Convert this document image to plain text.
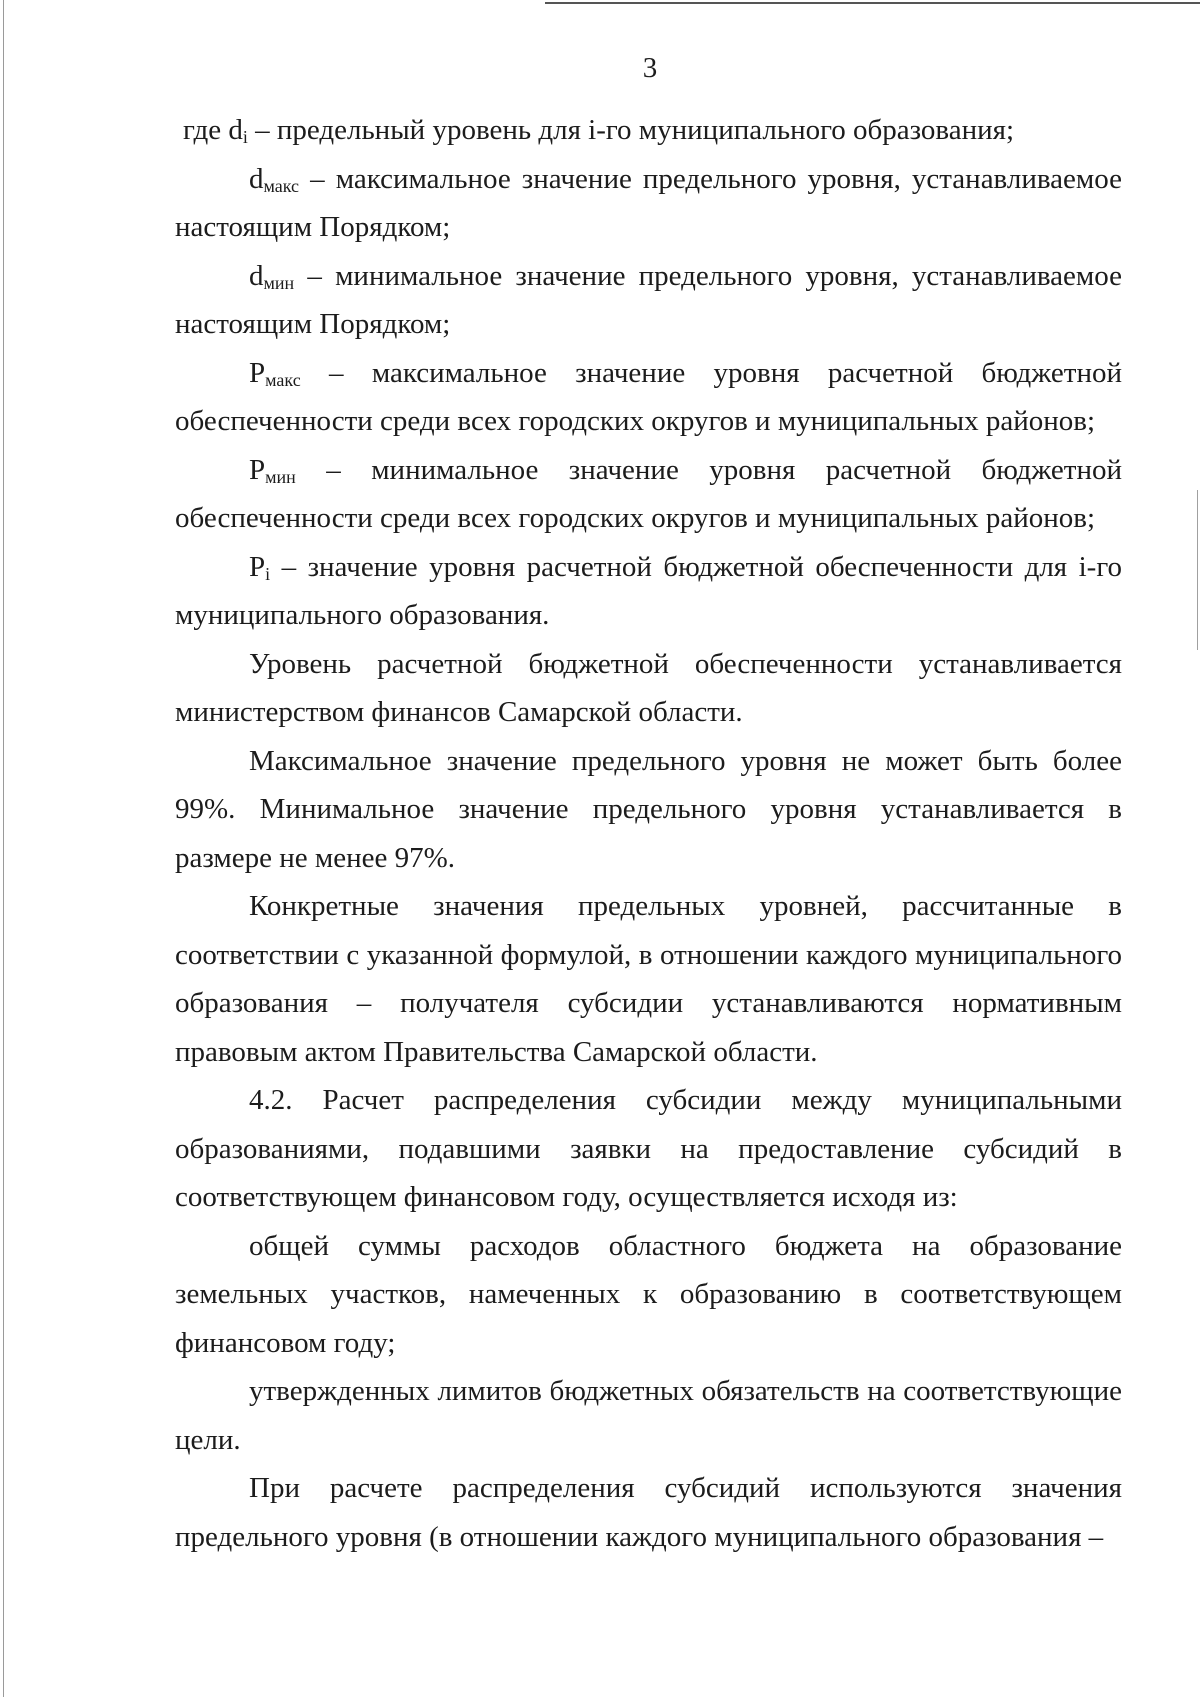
3

где $d_i$ – предельный уровень для i-го муниципального образования;

$d_{макс}$ – максимальное значение предельного уровня, устанавливаемое настоящим Порядком;

$d_{мин}$ – минимальное значение предельного уровня, устанавливаемое настоящим Порядком;

$P_{макс}$ – максимальное значение уровня расчетной бюджетной обеспеченности среди всех городских округов и муниципальных районов;

$P_{мин}$ – минимальное значение уровня расчетной бюджетной обеспеченности среди всех городских округов и муниципальных районов;

$P_i$ – значение уровня расчетной бюджетной обеспеченности для i-го муниципального образования.

Уровень расчетной бюджетной обеспеченности устанавливается министерством финансов Самарской области.

Максимальное значение предельного уровня не может быть более 99%. Минимальное значение предельного уровня устанавливается в размере не менее 97%.

Конкретные значения предельных уровней, рассчитанные в соответствии с указанной формулой, в отношении каждого муниципального образования – получателя субсидии устанавливаются нормативным правовым актом Правительства Самарской области.

4.2. Расчет распределения субсидии между муниципальными образованиями, подавшими заявки на предоставление субсидий в соответствующем финансовом году, осуществляется исходя из:

общей суммы расходов областного бюджета на образование земельных участков, намеченных к образованию в соответствующем финансовом году;

утвержденных лимитов бюджетных обязательств на соответствующие цели.

При расчете распределения субсидий используются значения предельного уровня (в отношении каждого муниципального образования –
